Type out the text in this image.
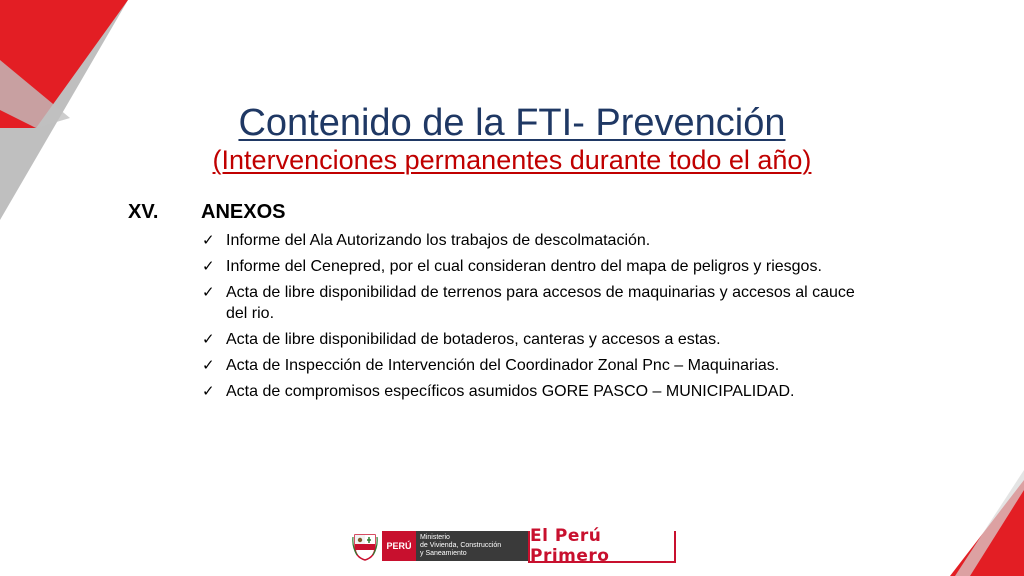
Contenido de la FTI- Prevención
(Intervenciones permanentes durante todo el año)
XV.	ANEXOS
✓ Informe del Ala Autorizando los trabajos de descolmatación.
✓ Informe del Cenepred, por el cual consideran dentro del mapa de peligros y riesgos.
✓ Acta de libre disponibilidad de terrenos para accesos de maquinarias y accesos al cauce del rio.
✓ Acta de libre disponibilidad de botaderos, canteras y accesos a estas.
✓ Acta de Inspección de Intervención del Coordinador Zonal Pnc – Maquinarias.
✓ Acta de compromisos específicos asumidos GORE PASCO – MUNICIPALIDAD.
PERÚ
Ministerio
de Vivienda, Construcción
y Saneamiento
El Perú Primero
